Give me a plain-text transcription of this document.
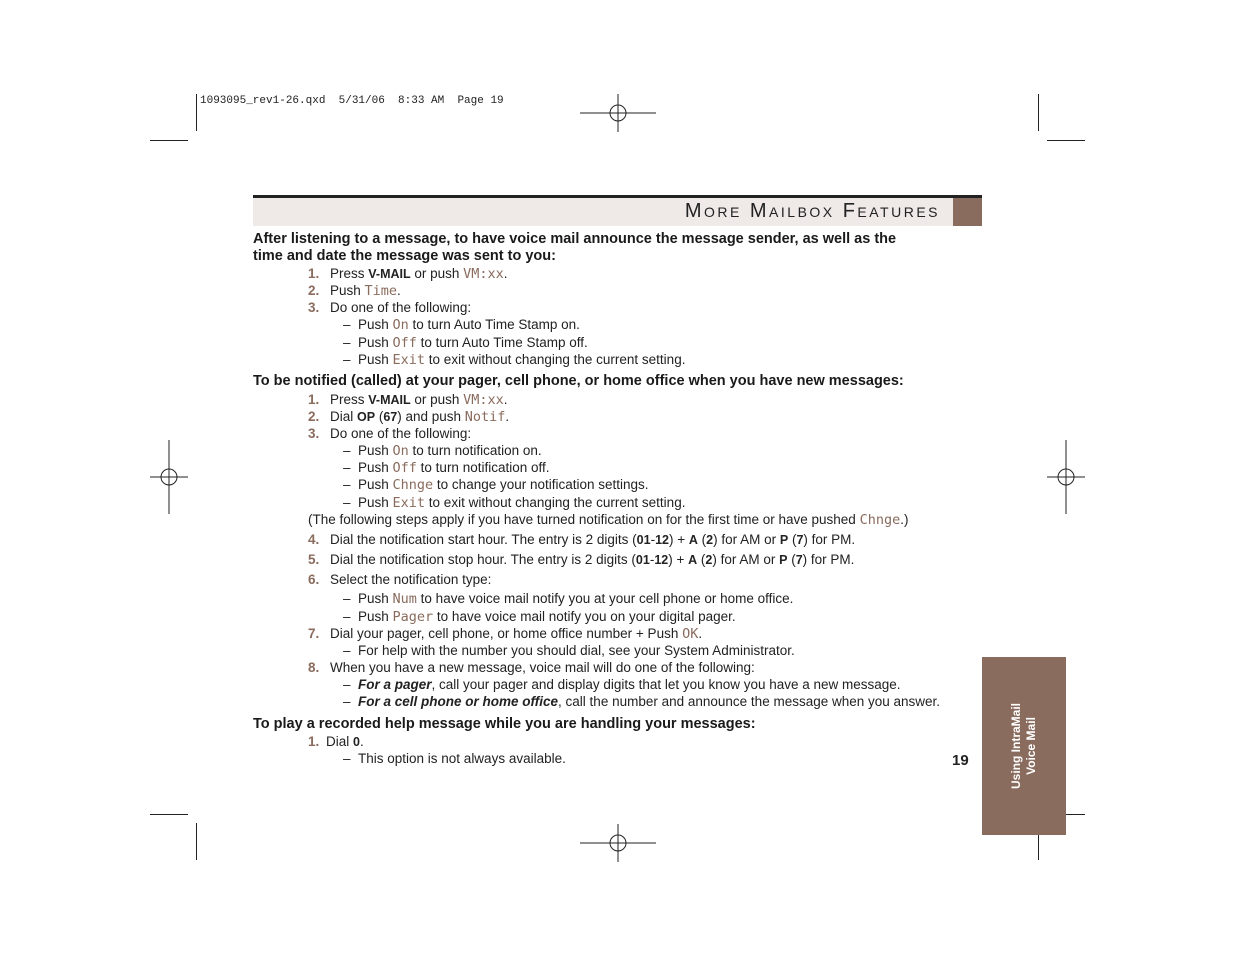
1093095_rev1-26.qxd  5/31/06  8:33 AM  Page 19
More Mailbox Features
After listening to a message, to have voice mail announce the message sender, as well as the
time and date the message was sent to you:
1. Press V-MAIL or push VM:xx.
2. Push Time.
3. Do one of the following:
– Push On to turn Auto Time Stamp on.
– Push Off to turn Auto Time Stamp off.
– Push Exit to exit without changing the current setting.
To be notified (called) at your pager, cell phone, or home office when you have new messages:
1. Press V-MAIL or push VM:xx.
2. Dial OP (67) and push Notif.
3. Do one of the following:
– Push On to turn notification on.
– Push Off to turn notification off.
– Push Chnge to change your notification settings.
– Push Exit to exit without changing the current setting.
(The following steps apply if you have turned notification on for the first time or have pushed Chnge.)
4. Dial the notification start hour. The entry is 2 digits (01-12) + A (2) for AM or P (7) for PM.
5. Dial the notification stop hour. The entry is 2 digits (01-12) + A (2) for AM or P (7) for PM.
6. Select the notification type:
– Push Num to have voice mail notify you at your cell phone or home office.
– Push Pager to have voice mail notify you on your digital pager.
7. Dial your pager, cell phone, or home office number + Push OK.
– For help with the number you should dial, see your System Administrator.
8. When you have a new message, voice mail will do one of the following:
– For a pager, call your pager and display digits that let you know you have a new message.
– For a cell phone or home office, call the number and announce the message when you answer.
To play a recorded help message while you are handling your messages:
1. Dial 0.
– This option is not always available.	19	Using IntraMail Voice Mail
